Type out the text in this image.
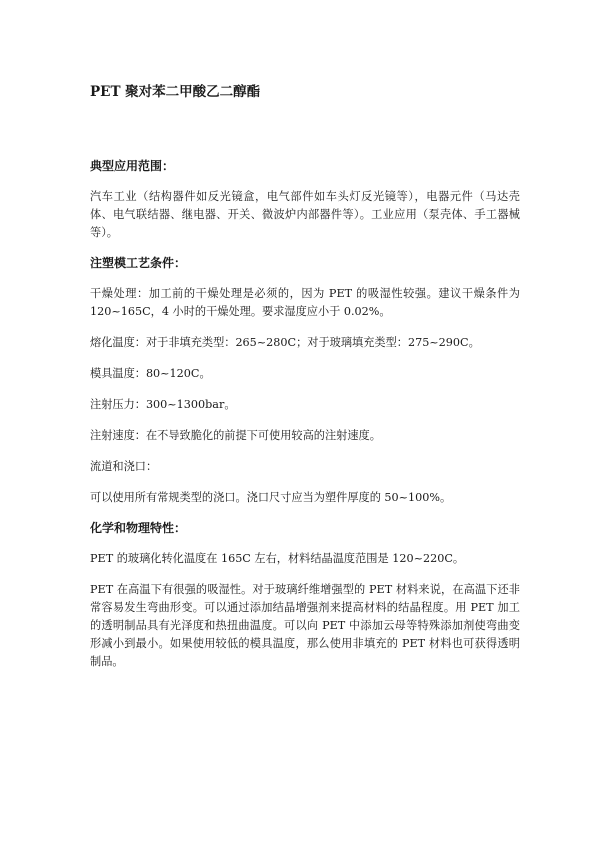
PET 聚对苯二甲酸乙二醇酯
典型应用范围：

汽车工业（结构器件如反光镜盒，电气部件如车头灯反光镜等），电器元件（马达壳体、电气联结器、继电器、开关、微波炉内部器件等）。工业应用（泵壳体、手工器械等）。

注塑模工艺条件：

干燥处理：加工前的干燥处理是必须的，因为 PET 的吸湿性较强。建议干燥条件为 120~165C，4 小时的干燥处理。要求湿度应小于 0.02%。

熔化温度：对于非填充类型：265~280C；对于玻璃填充类型：275~290C。

模具温度：80~120C。

注射压力：300~1300bar。

注射速度：在不导致脆化的前提下可使用较高的注射速度。

流道和浇口：

可以使用所有常规类型的浇口。浇口尺寸应当为塑件厚度的 50~100%。

化学和物理特性：

PET 的玻璃化转化温度在 165C 左右，材料结晶温度范围是 120~220C。

PET 在高温下有很强的吸湿性。对于玻璃纤维增强型的 PET 材料来说，在高温下还非常容易发生弯曲形变。可以通过添加结晶增强剂来提高材料的结晶程度。用 PET 加工的透明制品具有光泽度和热扭曲温度。可以向 PET 中添加云母等特殊添加剂使弯曲变形减小到最小。如果使用较低的模具温度，那么使用非填充的 PET 材料也可获得透明制品。
